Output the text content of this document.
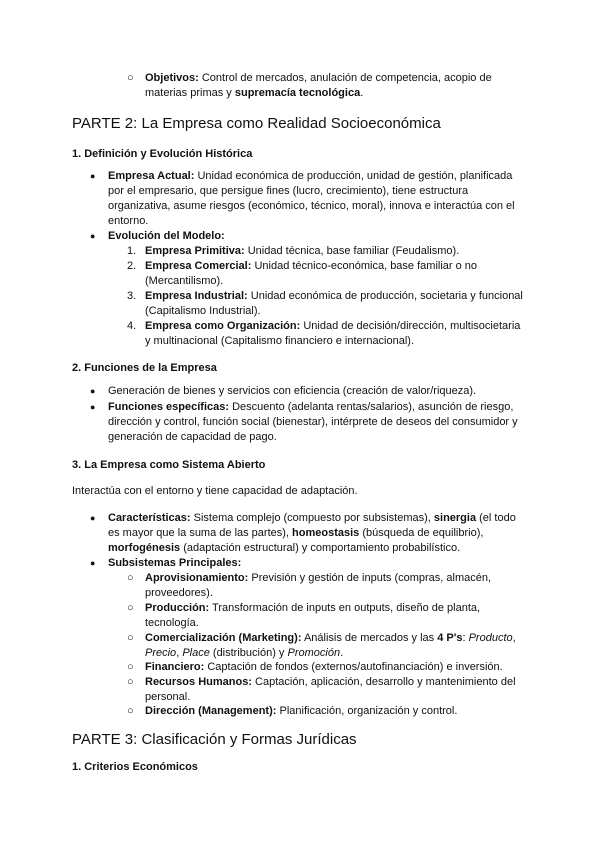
○ Objetivos: Control de mercados, anulación de competencia, acopio de
materias primas y supremacía tecnológica.
PARTE 2: La Empresa como Realidad Socioeconómica
1. Definición y Evolución Histórica
● Empresa Actual: Unidad económica de producción, unidad de gestión, planificada
por el empresario, que persigue fines (lucro, crecimiento), tiene estructura
organizativa, asume riesgos (económico, técnico, moral), innova e interactúa con el
entorno.
● Evolución del Modelo:
1. Empresa Primitiva: Unidad técnica, base familiar (Feudalismo).
2. Empresa Comercial: Unidad técnico-económica, base familiar o no
(Mercantilismo).
3. Empresa Industrial: Unidad económica de producción, societaria y funcional
(Capitalismo Industrial).
4. Empresa como Organización: Unidad de decisión/dirección, multisocietaria
y multinacional (Capitalismo financiero e internacional).
2. Funciones de la Empresa
● Generación de bienes y servicios con eficiencia (creación de valor/riqueza).
● Funciones específicas: Descuento (adelanta rentas/salarios), asunción de riesgo,
dirección y control, función social (bienestar), intérprete de deseos del consumidor y
generación de capacidad de pago.
3. La Empresa como Sistema Abierto
Interactúa con el entorno y tiene capacidad de adaptación.
● Características: Sistema complejo (compuesto por subsistemas), sinergia (el todo
es mayor que la suma de las partes), homeostasis (búsqueda de equilibrio),
morfogénesis (adaptación estructural) y comportamiento probabilístico.
● Subsistemas Principales:
○ Aprovisionamiento: Previsión y gestión de inputs (compras, almacén,
proveedores).
○ Producción: Transformación de inputs en outputs, diseño de planta,
tecnología.
○ Comercialización (Marketing): Análisis de mercados y las 4 P's: Producto,
Precio, Place (distribución) y Promoción.
○ Financiero: Captación de fondos (externos/autofinanciación) e inversión.
○ Recursos Humanos: Captación, aplicación, desarrollo y mantenimiento del
personal.
○ Dirección (Management): Planificación, organización y control.
PARTE 3: Clasificación y Formas Jurídicas
1. Criterios Económicos
